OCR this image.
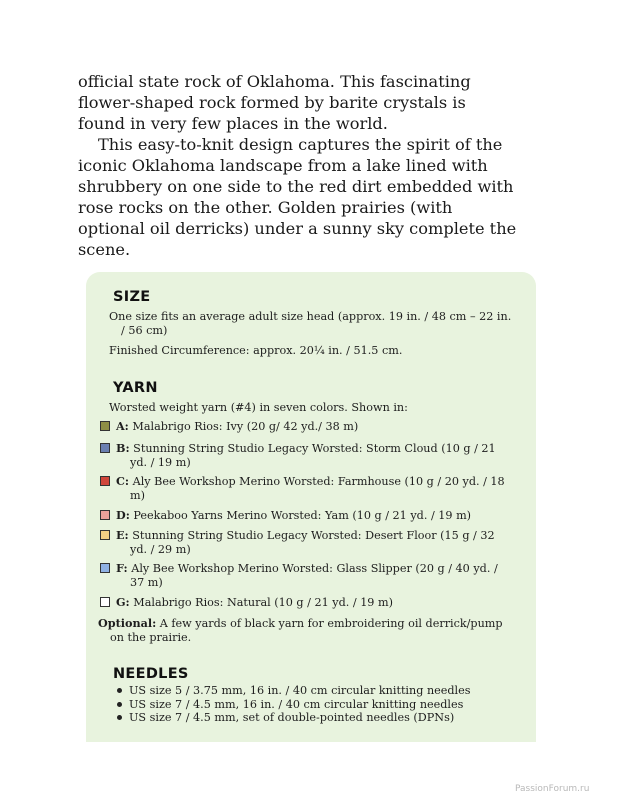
official state rock of Oklahoma. This fascinating
flower-shaped rock formed by barite crystals is
found in very few places in the world.

This easy-to-knit design captures the spirit of the
iconic Oklahoma landscape from a lake lined with
shrubbery on one side to the red dirt embedded with
rose rocks on the other. Golden prairies (with
optional oil derricks) under a sunny sky complete the
scene.

SIZE
One size fits an average adult size head (approx. 19 in. / 48 cm – 22 in.
/ 56 cm)
Finished Circumference: approx. 20¼ in. / 51.5 cm.
YARN
Worsted weight yarn (#4) in seven colors. Shown in:
A: Malabrigo Rios: Ivy (20 g/ 42 yd./ 38 m)
B: Stunning String Studio Legacy Worsted: Storm Cloud (10 g / 21
yd. / 19 m)
C: Aly Bee Workshop Merino Worsted: Farmhouse (10 g / 20 yd. / 18
m)
D: Peekaboo Yarns Merino Worsted: Yam (10 g / 21 yd. / 19 m)
E: Stunning String Studio Legacy Worsted: Desert Floor (15 g / 32
yd. / 29 m)
F: Aly Bee Workshop Merino Worsted: Glass Slipper (20 g / 40 yd. /
37 m)
G: Malabrigo Rios: Natural (10 g / 21 yd. / 19 m)
Optional: A few yards of black yarn for embroidering oil derrick/pump
on the prairie.
NEEDLES
US size 5 / 3.75 mm, 16 in. / 40 cm circular knitting needles
US size 7 / 4.5 mm, 16 in. / 40 cm circular knitting needles
US size 7 / 4.5 mm, set of double-pointed needles (DPNs)
PassionForum.ru
